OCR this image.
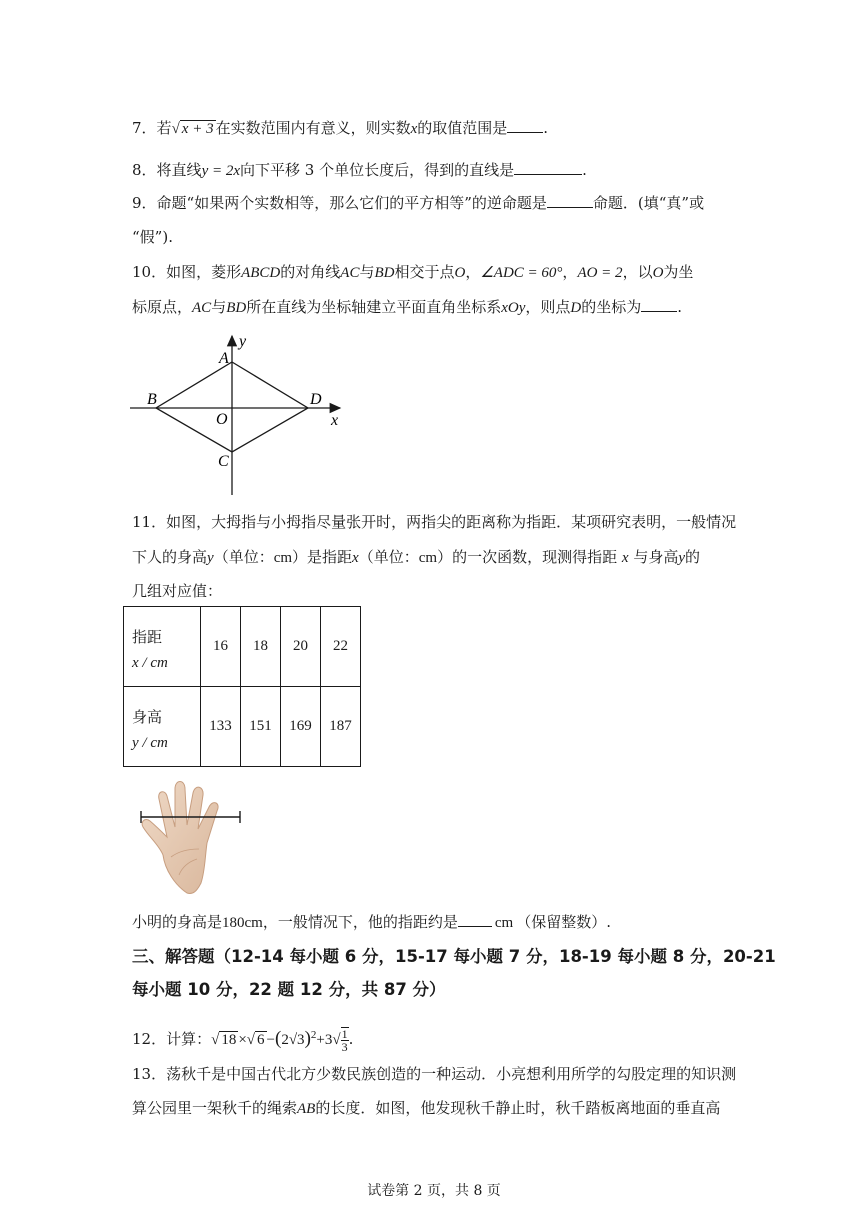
7．若√ x + 3 在实数范围内有意义，则实数x的取值范围是 .
8．将直线y = 2x向下平移 3 个单位长度后，得到的直线是	.
9．命题“如果两个实数相等，那么它们的平方相等”的逆命题是	命题．(填“真”或
“假”).
10．如图，菱形ABCD的对角线AC与BD相交于点O，∠ADC = 60°，AO = 2，以O为坐
标原点，AC与BD所在直线为坐标轴建立平面直角坐标系xOy，则点D的坐标为 .
y
A
B	D
O	x
C
11．如图，大拇指与小拇指尽量张开时，两指尖的距离称为指距．某项研究表明，一般情况
下人的身高y（单位：cm）是指距x（单位：cm）的一次函数，现测得指距 x 与身高y的
几组对应值：
指距
x / cm	16	18	20	22

身高
y / cm	133	151	169	187
小明的身高是180cm，一般情况下，他的指距约是 cm （保留整数）.
三、解答题（12-14 每小题 6 分，15-17 每小题 7 分，18-19 每小题 8 分，20-21
每小题 10 分，22 题 12 分，共 87 分）
12．计算：√ 18 ×√ $6 -(2√3)^2+3√ \frac{1}{3}$ .
13．荡秋千是中国古代北方少数民族创造的一种运动．小亮想利用所学的勾股定理的知识测
算公园里一架秋千的绳索AB的长度．如图，他发现秋千静止时，秋千踏板离地面的垂直高
试卷第 2 页，共 8 页
